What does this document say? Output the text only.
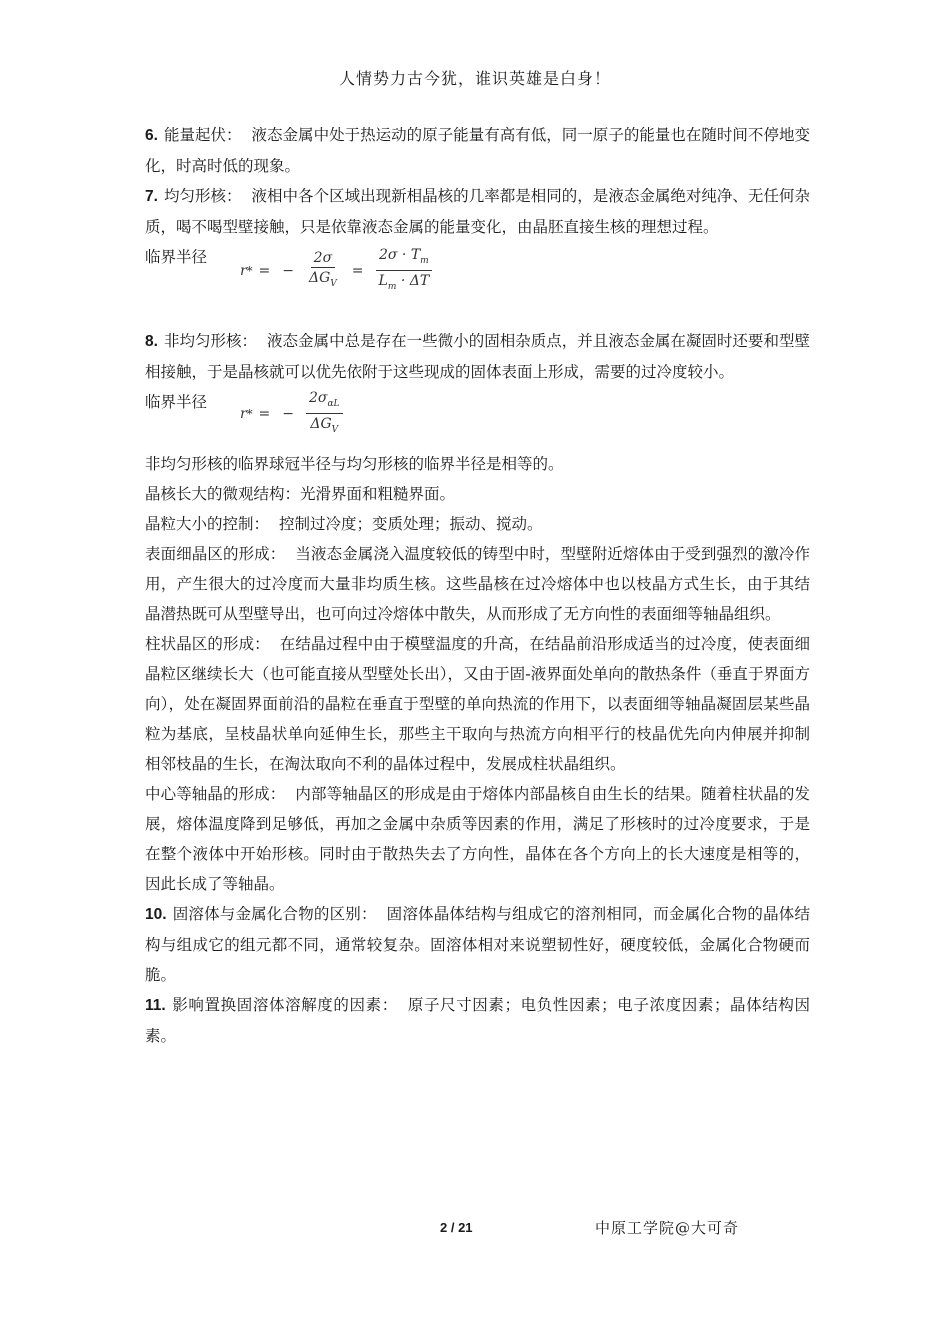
人情势力古今犹，谁识英雄是白身！

6. 能量起伏： 液态金属中处于热运动的原子能量有高有低，同一原子的能量也在随时间不停地变化，时高时低的现象。

7. 均匀形核： 液相中各个区域出现新相晶核的几率都是相同的，是液态金属绝对纯净、无任何杂质，喝不喝型壁接触，只是依靠液态金属的能量变化，由晶胚直接生核的理想过程。

临界半径
r * = − $\frac{2\sigma}{\Delta G_V} = \frac{2\sigma \cdot T_m}{L_m \cdot \Delta T}$

8. 非均匀形核： 液态金属中总是存在一些微小的固相杂质点，并且液态金属在凝固时还要和型壁相接触，于是晶核就可以优先依附于这些现成的固体表面上形成，需要的过冷度较小。

临界半径
r * = − $\frac{2\sigma_{\alpha L}}{\Delta G_V}$

非均匀形核的临界球冠半径与均匀形核的临界半径是相等的。

晶核长大的微观结构：光滑界面和粗糙界面。

晶粒大小的控制： 控制过冷度；变质处理；振动、搅动。

表面细晶区的形成： 当液态金属浇入温度较低的铸型中时，型壁附近熔体由于受到强烈的激冷作用，产生很大的过冷度而大量非均质生核。这些晶核在过冷熔体中也以枝晶方式生长，由于其结晶潜热既可从型壁导出，也可向过冷熔体中散失，从而形成了无方向性的表面细等轴晶组织。

柱状晶区的形成： 在结晶过程中由于模壁温度的升高，在结晶前沿形成适当的过冷度，使表面细晶粒区继续长大（也可能直接从型壁处长出），又由于固-液界面处单向的散热条件（垂直于界面方向），处在凝固界面前沿的晶粒在垂直于型壁的单向热流的作用下，以表面细等轴晶凝固层某些晶粒为基底，呈枝晶状单向延伸生长，那些主干取向与热流方向相平行的枝晶优先向内伸展并抑制相邻枝晶的生长，在淘汰取向不利的晶体过程中，发展成柱状晶组织。

中心等轴晶的形成： 内部等轴晶区的形成是由于熔体内部晶核自由生长的结果。随着柱状晶的发展，熔体温度降到足够低，再加之金属中杂质等因素的作用，满足了形核时的过冷度要求，于是在整个液体中开始形核。同时由于散热失去了方向性，晶体在各个方向上的长大速度是相等的，因此长成了等轴晶。

10. 固溶体与金属化合物的区别： 固溶体晶体结构与组成它的溶剂相同，而金属化合物的晶体结构与组成它的组元都不同，通常较复杂。固溶体相对来说塑韧性好，硬度较低，金属化合物硬而脆。

11. 影响置换固溶体溶解度的因素： 原子尺寸因素；电负性因素；电子浓度因素；晶体结构因素。

2 / 21	中原工学院@大可奇
